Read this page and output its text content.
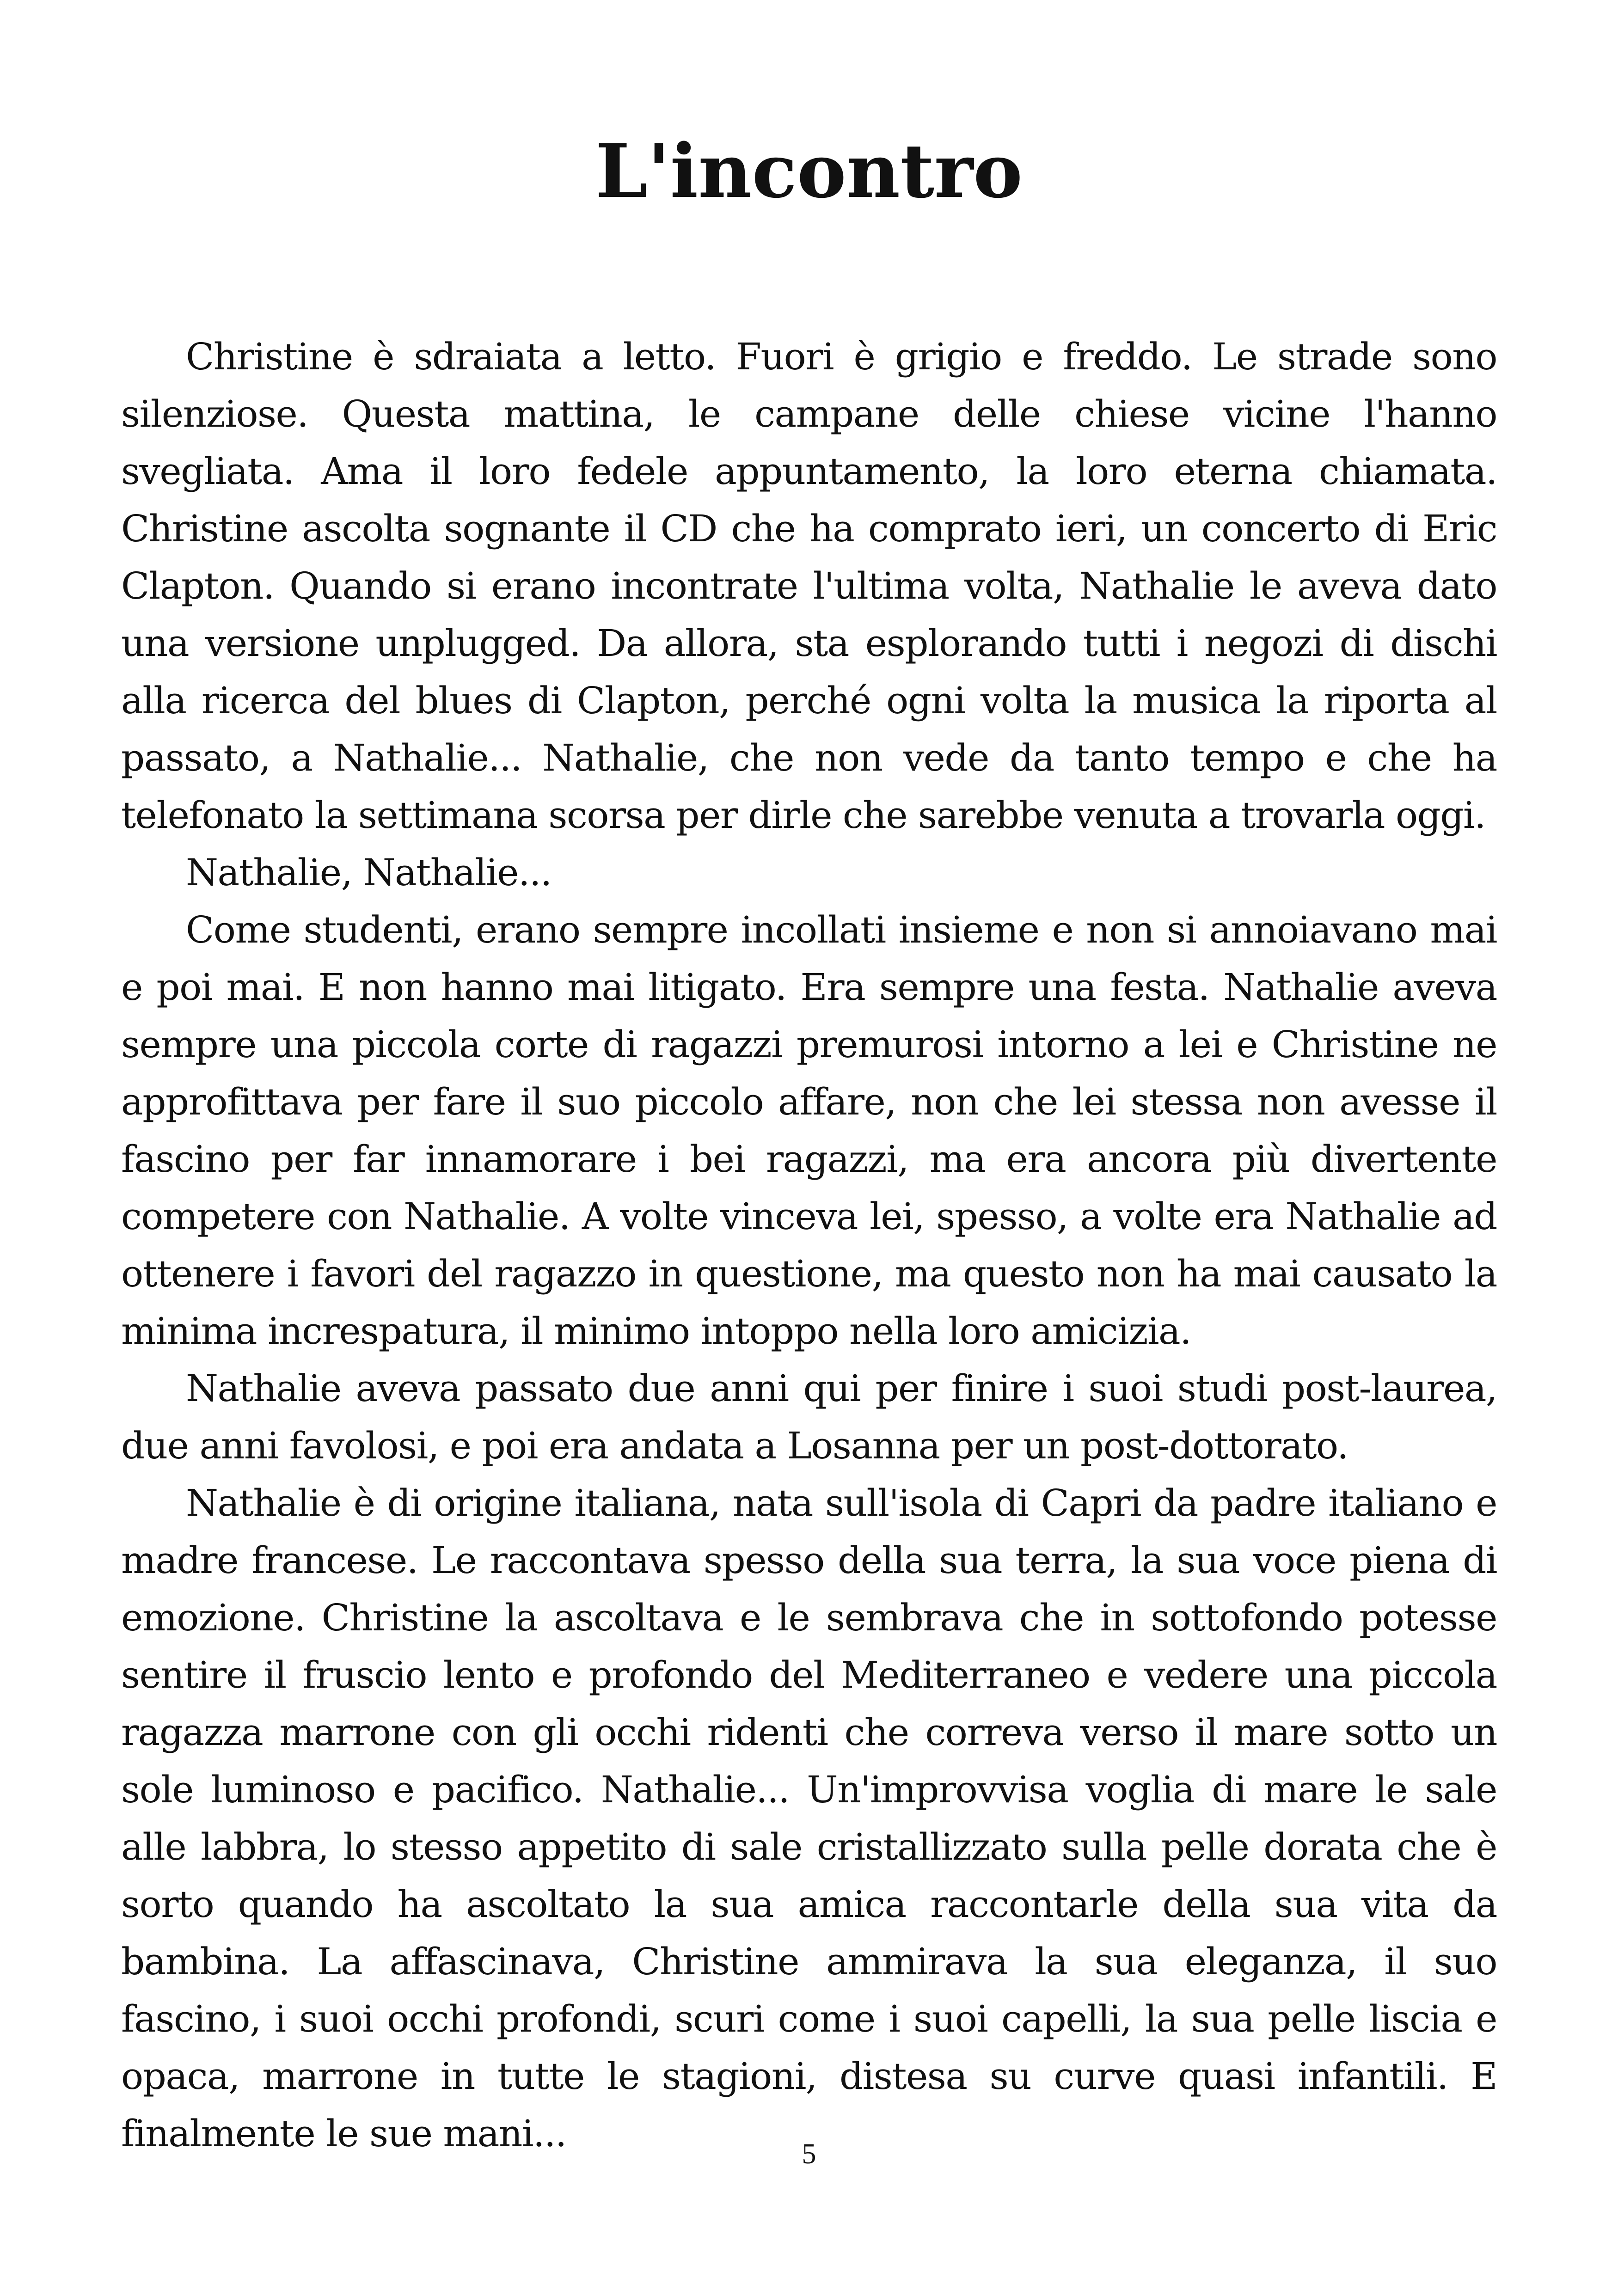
L'incontro

Christine è sdraiata a letto. Fuori è grigio e freddo. Le strade sono silenziose. Questa mattina, le campane delle chiese vicine l'hanno svegliata. Ama il loro fedele appuntamento, la loro eterna chiamata. Christine ascolta sognante il CD che ha comprato ieri, un concerto di Eric Clapton. Quando si erano incontrate l'ultima volta, Nathalie le aveva dato una versione unplugged. Da allora, sta esplorando tutti i negozi di dischi alla ricerca del blues di Clapton, perché ogni volta la musica la riporta al passato, a Nathalie... Nathalie, che non vede da tanto tempo e che ha telefonato la settimana scorsa per dirle che sarebbe venuta a trovarla oggi.

Nathalie, Nathalie...

Come studenti, erano sempre incollati insieme e non si annoiavano mai e poi mai. E non hanno mai litigato. Era sempre una festa. Nathalie aveva sempre una piccola corte di ragazzi premurosi intorno a lei e Christine ne approfittava per fare il suo piccolo affare, non che lei stessa non avesse il fascino per far innamorare i bei ragazzi, ma era ancora più divertente competere con Nathalie. A volte vinceva lei, spesso, a volte era Nathalie ad ottenere i favori del ragazzo in questione, ma questo non ha mai causato la minima increspatura, il minimo intoppo nella loro amicizia.

Nathalie aveva passato due anni qui per finire i suoi studi post-laurea, due anni favolosi, e poi era andata a Losanna per un post-dottorato.

Nathalie è di origine italiana, nata sull'isola di Capri da padre italiano e madre francese. Le raccontava spesso della sua terra, la sua voce piena di emozione. Christine la ascoltava e le sembrava che in sottofondo potesse sentire il fruscio lento e profondo del Mediterraneo e vedere una piccola ragazza marrone con gli occhi ridenti che correva verso il mare sotto un sole luminoso e pacifico. Nathalie... Un'improvvisa voglia di mare le sale alle labbra, lo stesso appetito di sale cristallizzato sulla pelle dorata che è sorto quando ha ascoltato la sua amica raccontarle della sua vita da bambina. La affascinava, Christine ammirava la sua eleganza, il suo fascino, i suoi occhi profondi, scuri come i suoi capelli, la sua pelle liscia e opaca, marrone in tutte le stagioni, distesa su curve quasi infantili. E finalmente le sue mani...	5
